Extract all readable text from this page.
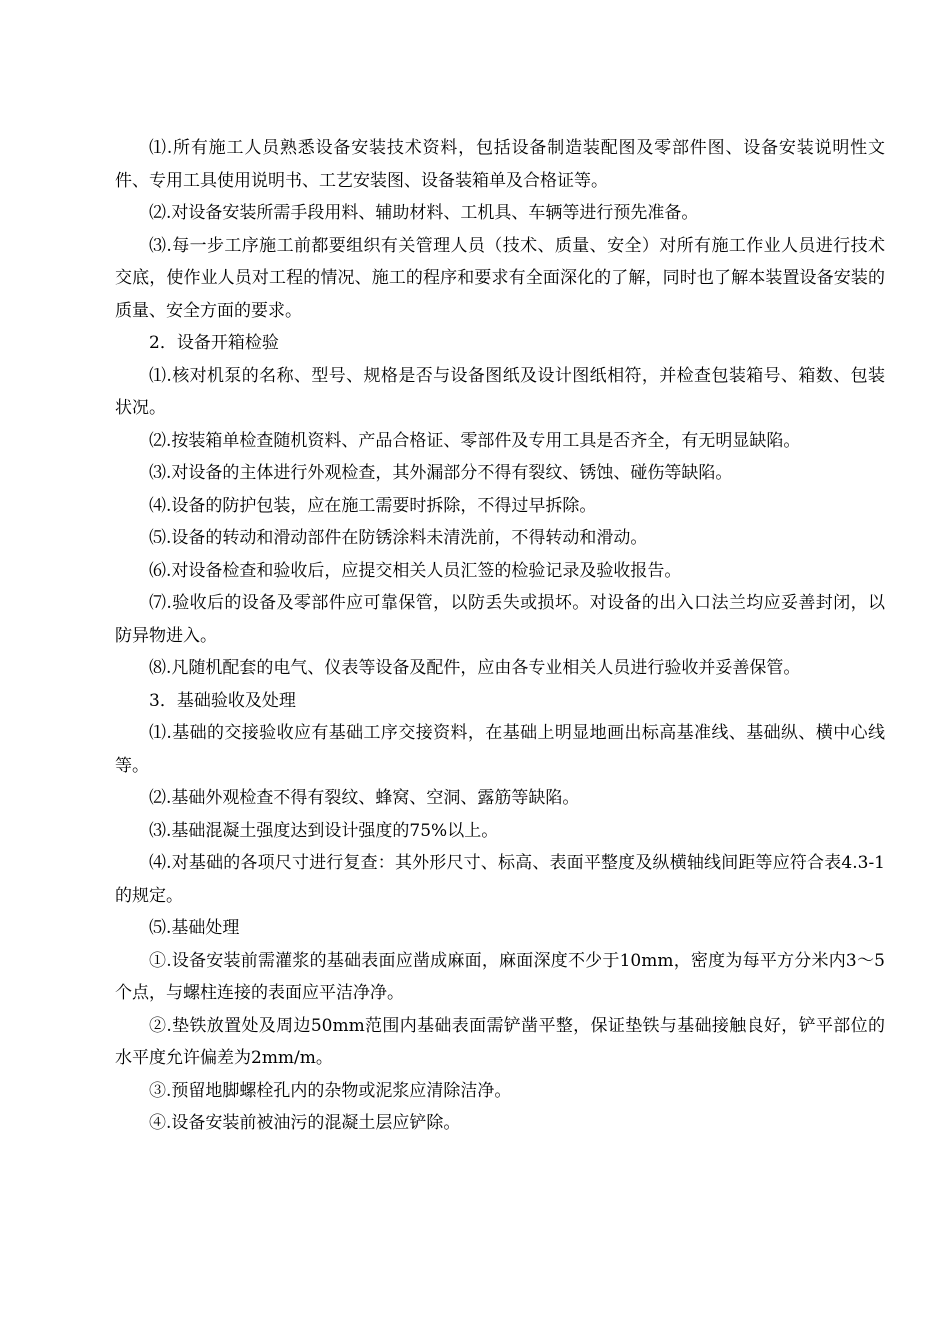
⑴.所有施工人员熟悉设备安装技术资料，包括设备制造装配图及零部件图、设备安装说明性文件、专用工具使用说明书、工艺安装图、设备装箱单及合格证等。

⑵.对设备安装所需手段用料、辅助材料、工机具、车辆等进行预先准备。

⑶.每一步工序施工前都要组织有关管理人员（技术、质量、安全）对所有施工作业人员进行技术交底，使作业人员对工程的情况、施工的程序和要求有全面深化的了解，同时也了解本装置设备安装的质量、安全方面的要求。

2．设备开箱检验

⑴.核对机泵的名称、型号、规格是否与设备图纸及设计图纸相符，并检查包装箱号、箱数、包装状况。

⑵.按装箱单检查随机资料、产品合格证、零部件及专用工具是否齐全，有无明显缺陷。

⑶.对设备的主体进行外观检查，其外漏部分不得有裂纹、锈蚀、碰伤等缺陷。

⑷.设备的防护包装，应在施工需要时拆除，不得过早拆除。

⑸.设备的转动和滑动部件在防锈涂料未清洗前，不得转动和滑动。

⑹.对设备检查和验收后，应提交相关人员汇签的检验记录及验收报告。

⑺.验收后的设备及零部件应可靠保管，以防丢失或损坏。对设备的出入口法兰均应妥善封闭，以防异物进入。

⑻.凡随机配套的电气、仪表等设备及配件，应由各专业相关人员进行验收并妥善保管。

3．基础验收及处理

⑴.基础的交接验收应有基础工序交接资料，在基础上明显地画出标高基准线、基础纵、横中心线等。

⑵.基础外观检查不得有裂纹、蜂窝、空洞、露筋等缺陷。

⑶.基础混凝土强度达到设计强度的75%以上。

⑷.对基础的各项尺寸进行复查：其外形尺寸、标高、表面平整度及纵横轴线间距等应符合表4.3-1的规定。

⑸.基础处理

①.设备安装前需灌浆的基础表面应凿成麻面，麻面深度不少于10mm，密度为每平方分米内3～5个点，与螺柱连接的表面应平洁净净。

②.垫铁放置处及周边50mm范围内基础表面需铲凿平整，保证垫铁与基础接触良好，铲平部位的水平度允许偏差为2mm/m。

③.预留地脚螺栓孔内的杂物或泥浆应清除洁净。

④.设备安装前被油污的混凝土层应铲除。
